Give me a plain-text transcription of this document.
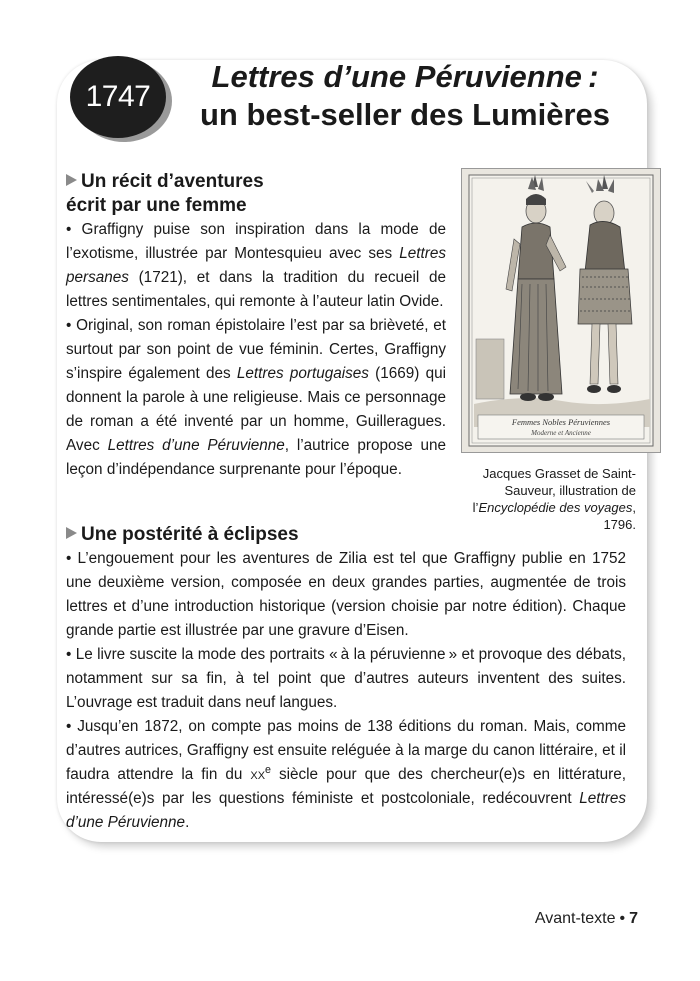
1747
Lettres d’une Péruvienne :
un best-seller des Lumières
Un récit d’aventures
écrit par une femme

• Graffigny puise son inspiration dans la mode de l’exotisme, illustrée par Montesquieu avec ses Lettres persanes (1721), et dans la tradition du recueil de lettres sentimentales, qui remonte à l’auteur latin Ovide.

• Original, son roman épistolaire l’est par sa brièveté, et surtout par son point de vue féminin. Certes, Graffigny s’inspire également des Lettres portugaises (1669) qui donnent la parole à une religieuse. Mais ce personnage de roman a été inventé par un homme, Guilleragues. Avec Lettres d’une Péruvienne, l’autrice propose une leçon d’indépendance surprenante pour l’époque.

Femmes Nobles Péruviennes
Moderne et Ancienne
Jacques Grasset de Saint-Sauveur, illustration de l’Encyclopédie des voyages, 1796.
Une postérité à éclipses

• L’engouement pour les aventures de Zilia est tel que Graffigny publie en 1752 une deuxième version, composée en deux grandes parties, augmentée de trois lettres et d’une introduction historique (version choisie par notre édition). Chaque grande partie est illustrée par une gravure d’Eisen.

• Le livre suscite la mode des portraits « à la péruvienne » et provoque des débats, notamment sur sa fin, à tel point que d’autres auteurs inventent des suites. L’ouvrage est traduit dans neuf langues.

• Jusqu’en 1872, on compte pas moins de 138 éditions du roman. Mais, comme d’autres autrices, Graffigny est ensuite reléguée à la marge du canon littéraire, et il faudra attendre la fin du $xx^e$ siècle pour que des chercheur(e)s en littérature, intéressé(e)s par les questions féministe et postcoloniale, redécouvrent Lettres d’une Péruvienne.

Avant-texte • 7
